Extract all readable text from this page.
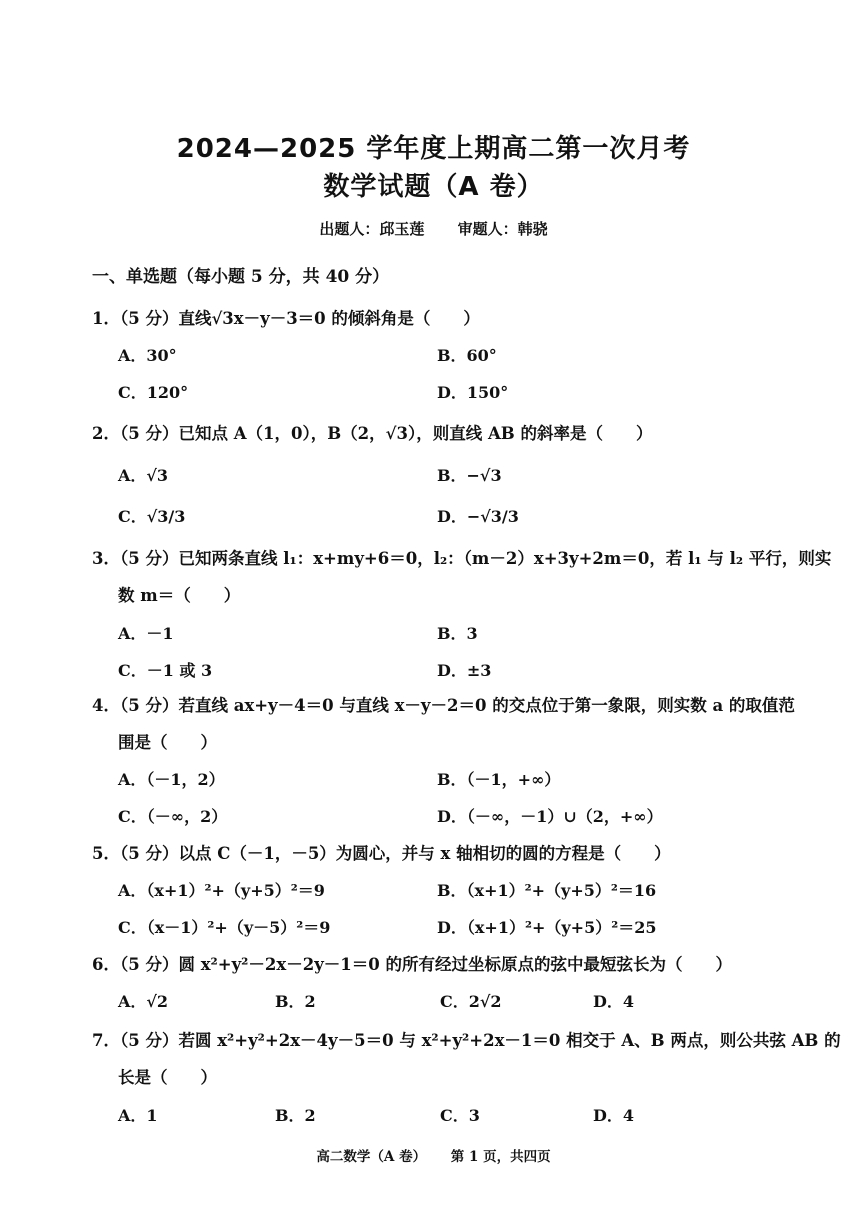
2024—2025 学年度上期高二第一次月考
数学试题（A 卷）
出题人：邱玉莲 审题人：韩骁
一、单选题（每小题 5 分，共 40 分）
1．（5 分）直线√3x－y－3＝0 的倾斜角是（　　）
A．30°	B．60°
C．120°	D．150°
2．（5 分）已知点 A（1，0），B（2，√3），则直线 AB 的斜率是（　　）
A．√3	B．−√3
C．√3/3	D．−√3/3
3．（5 分）已知两条直线 l₁：x+my+6＝0，l₂：（m－2）x+3y+2m＝0，若 l₁ 与 l₂ 平行，则实
数 m＝（　　）
A．－1	B．3
C．－1 或 3	D．±3
4．（5 分）若直线 ax+y－4＝0 与直线 x－y－2＝0 的交点位于第一象限，则实数 a 的取值范
围是（　　）
A．（－1，2）	B．（－1，+∞）
C．（－∞，2）	D．（－∞，－1）∪（2，+∞）
5．（5 分）以点 C（－1，－5）为圆心，并与 x 轴相切的圆的方程是（　　）
A．（x+1）²+（y+5）²＝9	B．（x+1）²+（y+5）²＝16
C．（x－1）²+（y－5）²＝9	D．（x+1）²+（y+5）²＝25
6．（5 分）圆 x²+y²－2x－2y－1＝0 的所有经过坐标原点的弦中最短弦长为（　　）
A．√2	B．2	C．2√2	D．4
7．（5 分）若圆 x²+y²+2x－4y－5＝0 与 x²+y²+2x－1＝0 相交于 A、B 两点，则公共弦 AB 的
长是（　　）
A．1	B．2	C．3	D．4
高二数学（A 卷） 第 1 页，共四页
